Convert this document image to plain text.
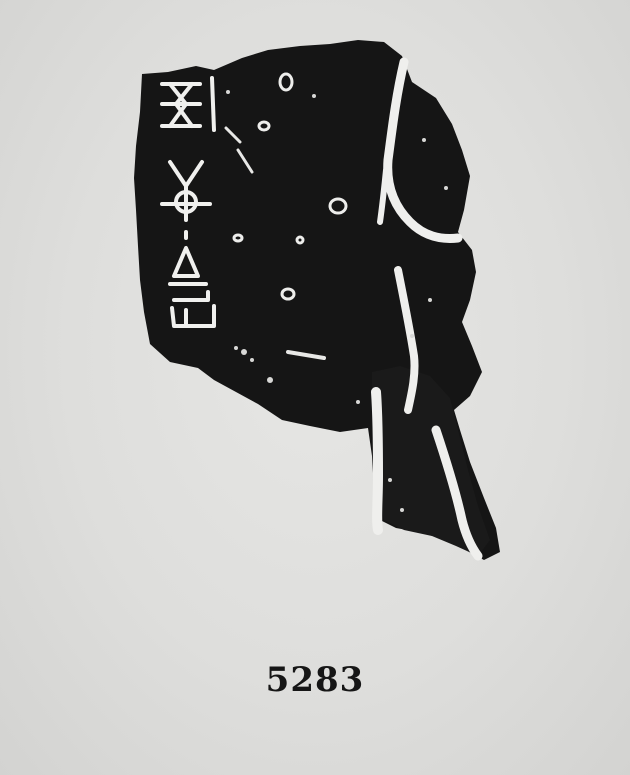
5283
